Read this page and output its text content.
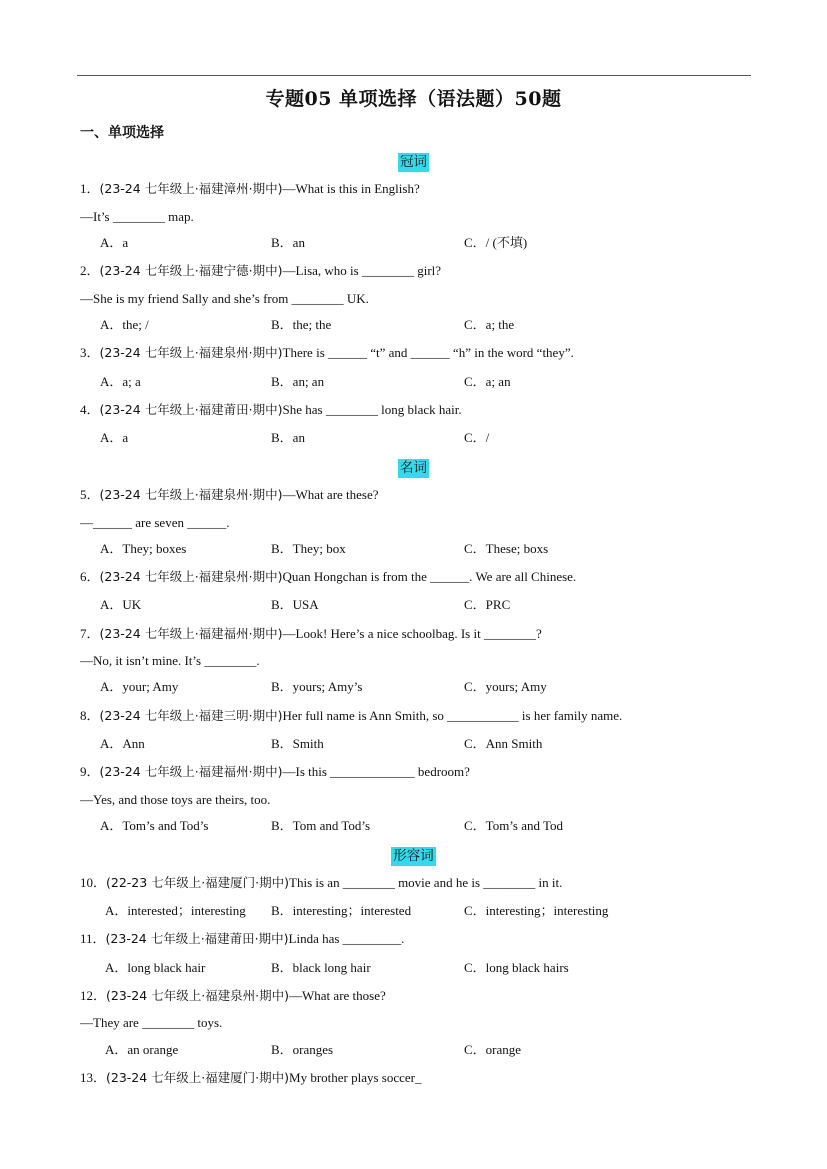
专题05 单项选择（语法题）50题
一、单项选择
冠词
名词
形容词
1．(23-24 七年级上·福建漳州·期中)—What is this in English?
—It’s ________ map.
A．a	B．an	C．/ (不填)
2．(23-24 七年级上·福建宁德·期中)—Lisa, who is ________ girl?
—She is my friend Sally and she’s from ________ UK.
A．the; /	B．the; the	C．a; the
3．(23-24 七年级上·福建泉州·期中)There is ______ “t” and ______ “h” in the word “they”.
A．a; a	B．an; an	C．a; an
4．(23-24 七年级上·福建莆田·期中)She has ________ long black hair.
A．a	B．an	C．/
5．(23-24 七年级上·福建泉州·期中)—What are these?
—______ are seven ______.
A．They; boxes	B．They; box	C．These; boxs
6．(23-24 七年级上·福建泉州·期中)Quan Hongchan is from the ______. We are all Chinese.
A．UK	B．USA	C．PRC
7．(23-24 七年级上·福建福州·期中)—Look! Here’s a nice schoolbag. Is it ________?
—No, it isn’t mine. It’s ________.
A．your; Amy	B．yours; Amy’s	C．yours; Amy
8．(23-24 七年级上·福建三明·期中)Her full name is Ann Smith, so ___________ is her family name.
A．Ann	B．Smith	C．Ann Smith
9．(23-24 七年级上·福建福州·期中)—Is this _____________ bedroom?
—Yes, and those toys are theirs, too.
A．Tom’s and Tod’s	B．Tom and Tod’s	C．Tom’s and Tod
10．(22-23 七年级上·福建厦门·期中)This is an ________ movie and he is ________ in it.
A．interested；interesting B．interesting；interested	C．interesting；interesting
11．(23-24 七年级上·福建莆田·期中)Linda has _________.
A．long black hair	B．black long hair	C．long black hairs
12．(23-24 七年级上·福建泉州·期中)—What are those?
—They are ________ toys.
A．an orange	B．oranges	C．orange
13．(23-24 七年级上·福建厦门·期中)My brother plays soccer_
